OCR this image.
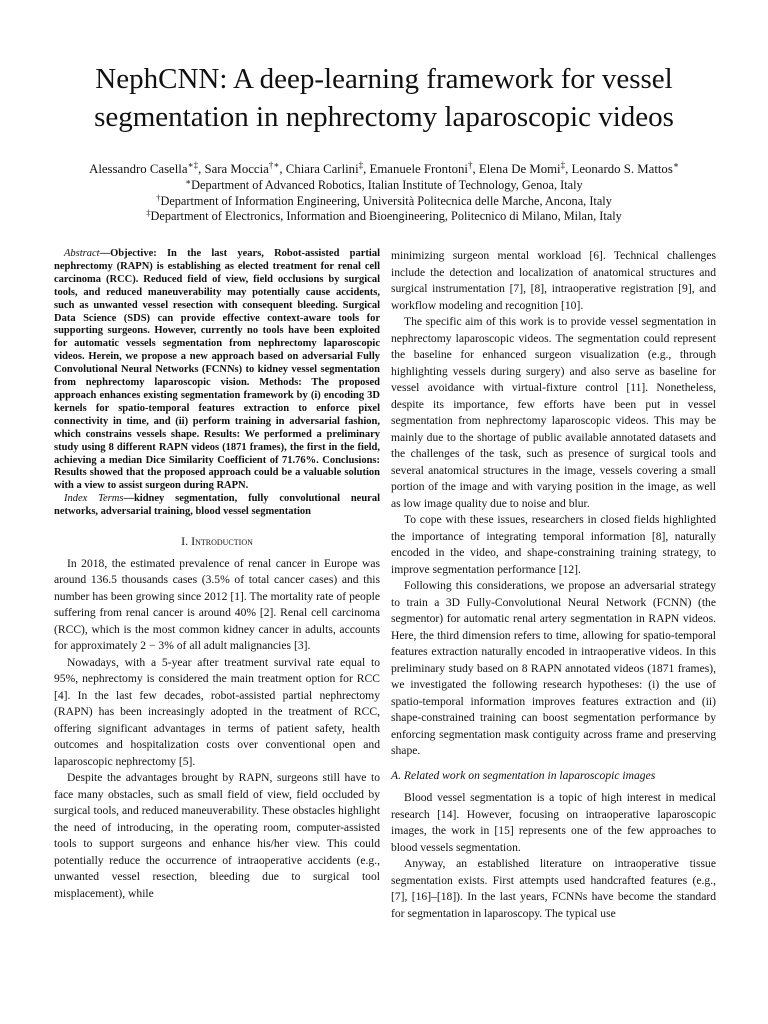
NephCNN: A deep-learning framework for vessel
segmentation in nephrectomy laparoscopic videos
Alessandro Casella∗‡, Sara Moccia†∗, Chiara Carlini‡, Emanuele Frontoni†, Elena De Momi‡, Leonardo S. Mattos∗
∗Department of Advanced Robotics, Italian Institute of Technology, Genoa, Italy
†Department of Information Engineering, Università Politecnica delle Marche, Ancona, Italy
‡Department of Electronics, Information and Bioengineering, Politecnico di Milano, Milan, Italy

Abstract—Objective: In the last years, Robot-assisted partial nephrectomy (RAPN) is establishing as elected treatment for renal cell carcinoma (RCC). Reduced field of view, field occlusions by surgical tools, and reduced maneuverability may potentially cause accidents, such as unwanted vessel resection with consequent bleeding. Surgical Data Science (SDS) can provide effective context-aware tools for supporting surgeons. However, currently no tools have been exploited for automatic vessels segmentation from nephrectomy laparoscopic videos. Herein, we propose a new approach based on adversarial Fully Convolutional Neural Networks (FCNNs) to kidney vessel segmentation from nephrectomy laparoscopic vision. Methods: The proposed approach enhances existing segmentation framework by (i) encoding 3D kernels for spatio-temporal features extraction to enforce pixel connectivity in time, and (ii) perform training in adversarial fashion, which constrains vessels shape. Results: We performed a preliminary study using 8 different RAPN videos (1871 frames), the first in the field, achieving a median Dice Similarity Coefficient of 71.76%. Conclusions: Results showed that the proposed approach could be a valuable solution with a view to assist surgeon during RAPN.

Index Terms—kidney segmentation, fully convolutional neural networks, adversarial training, blood vessel segmentation

I. Introduction

In 2018, the estimated prevalence of renal cancer in Europe was around 136.5 thousands cases (3.5% of total cancer cases) and this number has been growing since 2012 [1]. The mortality rate of people suffering from renal cancer is around 40% [2]. Renal cell carcinoma (RCC), which is the most common kidney cancer in adults, accounts for approximately 2 − 3% of all adult malignancies [3].

Nowadays, with a 5-year after treatment survival rate equal to 95%, nephrectomy is considered the main treatment option for RCC [4]. In the last few decades, robot-assisted partial nephrectomy (RAPN) has been increasingly adopted in the treatment of RCC, offering significant advantages in terms of patient safety, health outcomes and hospitalization costs over conventional open and laparoscopic nephrectomy [5].

Despite the advantages brought by RAPN, surgeons still have to face many obstacles, such as small field of view, field occluded by surgical tools, and reduced maneuverability. These obstacles highlight the need of introducing, in the operating room, computer-assisted tools to support surgeons and enhance his/her view. This could potentially reduce the occurrence of intraoperative accidents (e.g., unwanted vessel resection, bleeding due to surgical tool misplacement), while

minimizing surgeon mental workload [6]. Technical challenges include the detection and localization of anatomical structures and surgical instrumentation [7], [8], intraoperative registration [9], and workflow modeling and recognition [10].

The specific aim of this work is to provide vessel segmentation in nephrectomy laparoscopic videos. The segmentation could represent the baseline for enhanced surgeon visualization (e.g., through highlighting vessels during surgery) and also serve as baseline for vessel avoidance with virtual-fixture control [11]. Nonetheless, despite its importance, few efforts have been put in vessel segmentation from nephrectomy laparoscopic videos. This may be mainly due to the shortage of public available annotated datasets and the challenges of the task, such as presence of surgical tools and several anatomical structures in the image, vessels covering a small portion of the image and with varying position in the image, as well as low image quality due to noise and blur.

To cope with these issues, researchers in closed fields highlighted the importance of integrating temporal information [8], naturally encoded in the video, and shape-constraining training strategy, to improve segmentation performance [12].

Following this considerations, we propose an adversarial strategy to train a 3D Fully-Convolutional Neural Network (FCNN) (the segmentor) for automatic renal artery segmentation in RAPN videos. Here, the third dimension refers to time, allowing for spatio-temporal features extraction naturally encoded in intraoperative videos. In this preliminary study based on 8 RAPN annotated videos (1871 frames), we investigated the following research hypotheses: (i) the use of spatio-temporal information improves features extraction and (ii) shape-constrained training can boost segmentation performance by enforcing segmentation mask contiguity across frame and preserving shape.

A. Related work on segmentation in laparoscopic images

Blood vessel segmentation is a topic of high interest in medical research [14]. However, focusing on intraoperative laparoscopic images, the work in [15] represents one of the few approaches to blood vessels segmentation.

Anyway, an established literature on intraoperative tissue segmentation exists. First attempts used handcrafted features (e.g., [7], [16]–[18]). In the last years, FCNNs have become the standard for segmentation in laparoscopy. The typical use
